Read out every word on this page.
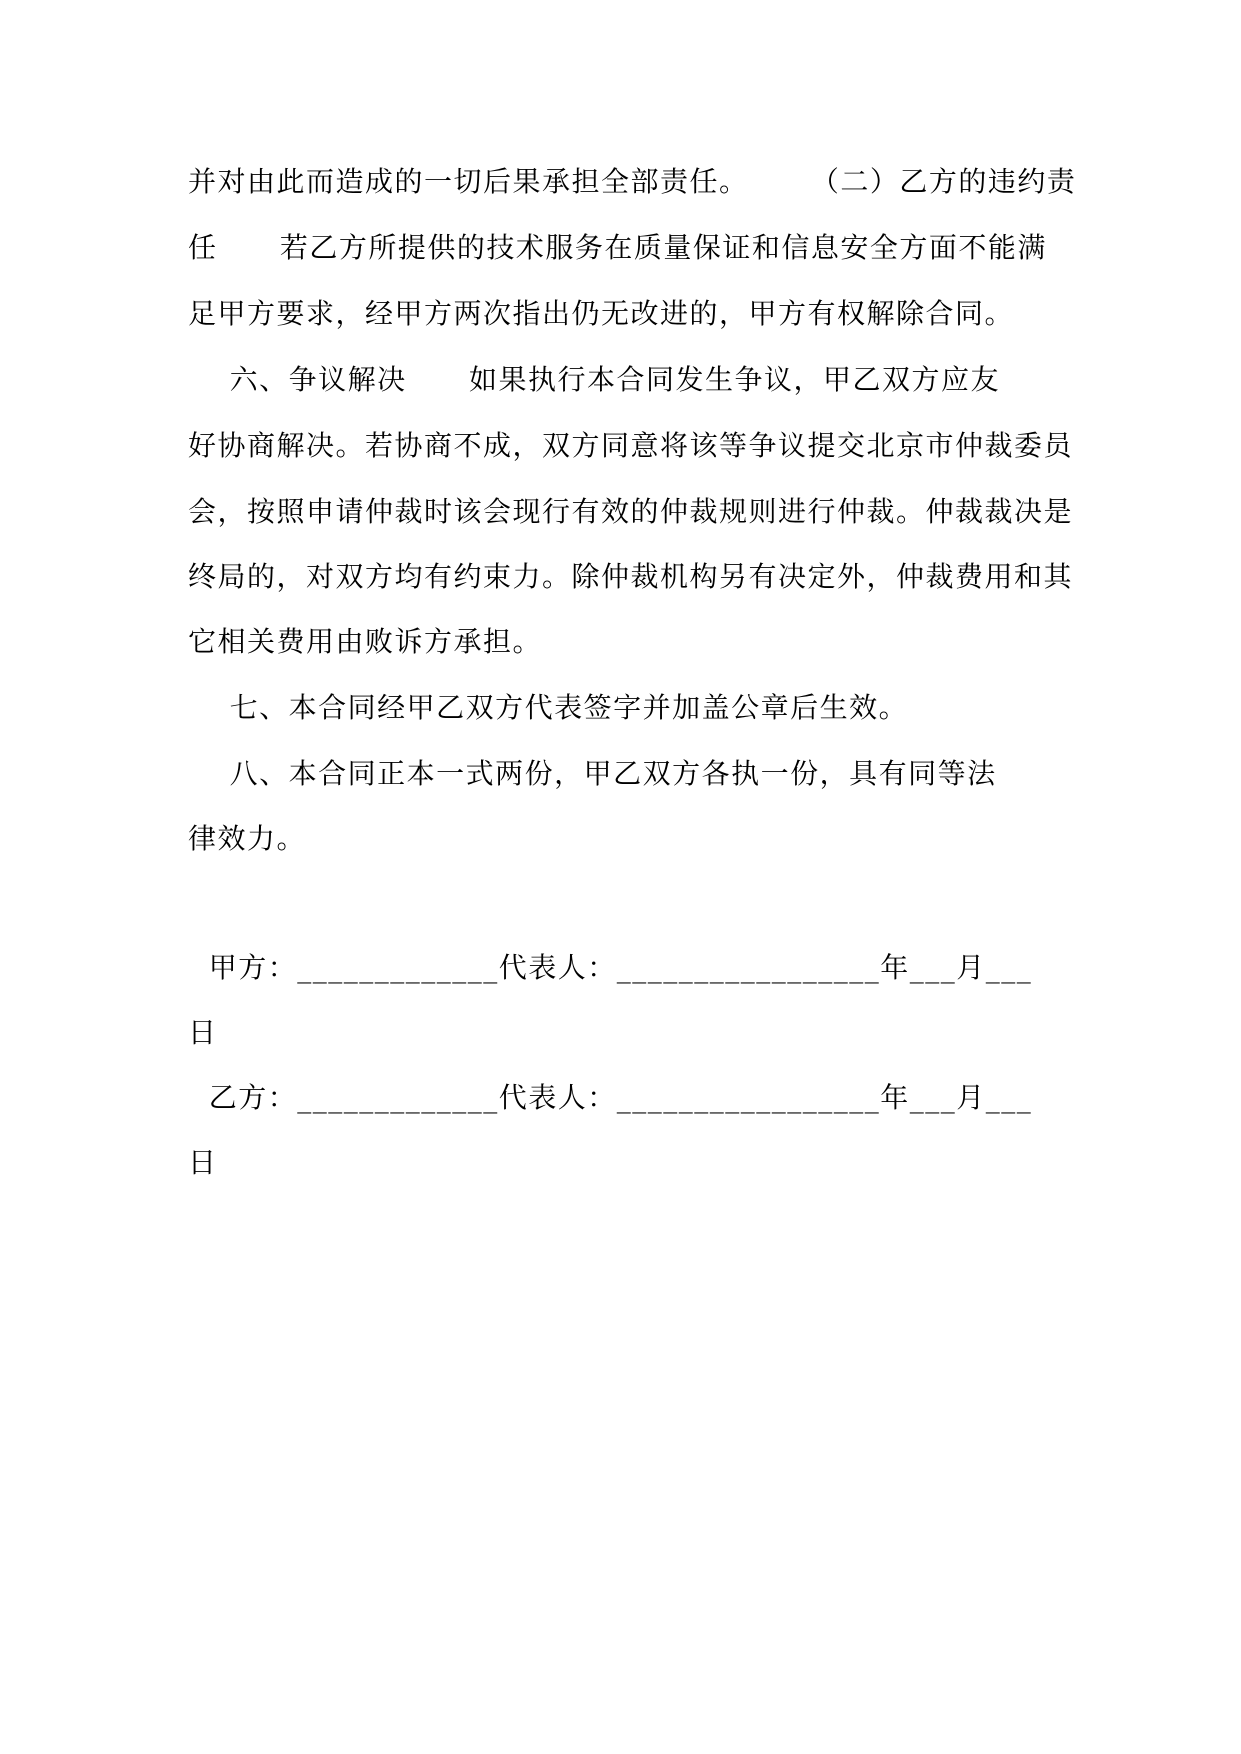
并对由此而造成的一切后果承担全部责任。      （二）乙方的违约责
任      若乙方所提供的技术服务在质量保证和信息安全方面不能满
足甲方要求，经甲方两次指出仍无改进的，甲方有权解除合同。
六、争议解决      如果执行本合同发生争议，甲乙双方应友
好协商解决。若协商不成，双方同意将该等争议提交北京市仲裁委员
会，按照申请仲裁时该会现行有效的仲裁规则进行仲裁。仲裁裁决是
终局的，对双方均有约束力。除仲裁机构另有决定外，仲裁费用和其
它相关费用由败诉方承担。
七、本合同经甲乙双方代表签字并加盖公章后生效。
八、本合同正本一式两份，甲乙双方各执一份，具有同等法
律效力。
甲方：_____________代表人：_________________年___月___
日
乙方：_____________代表人：_________________年___月___
日
